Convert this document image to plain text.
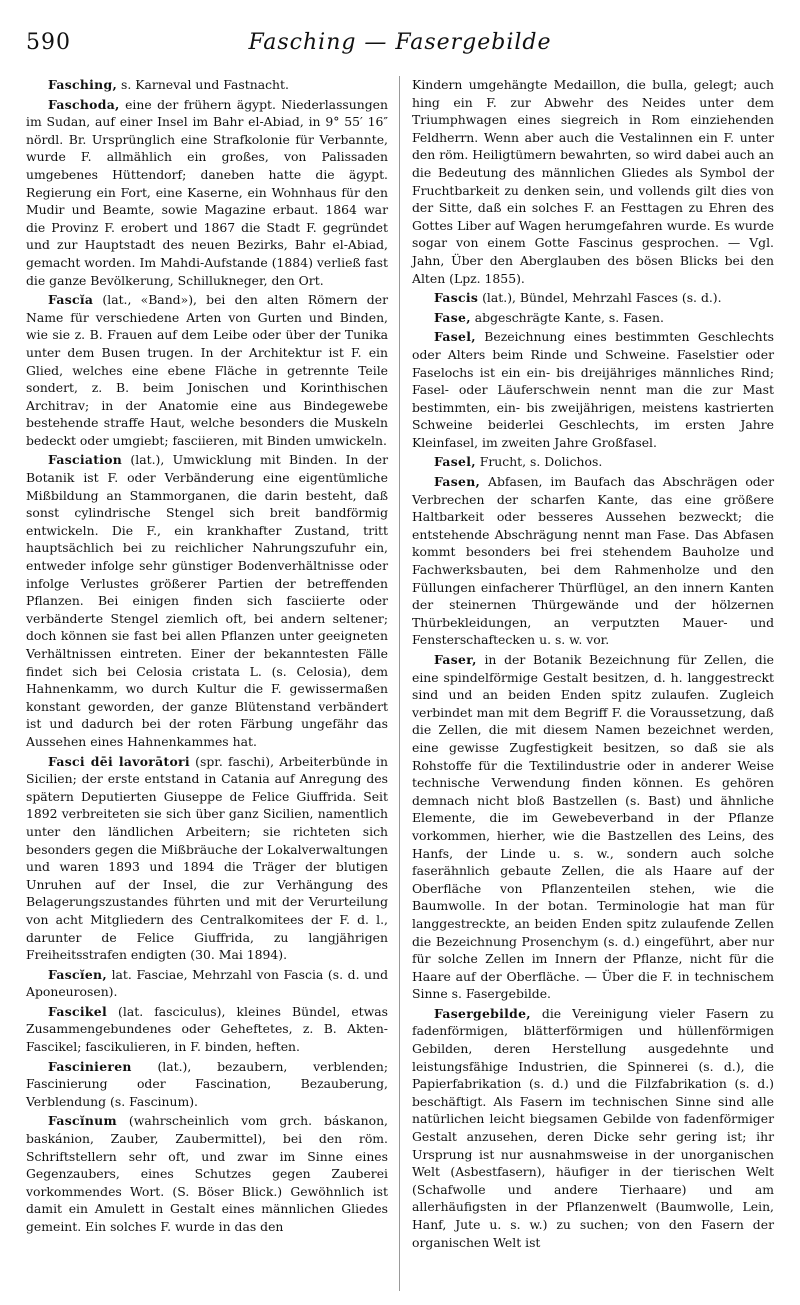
590	Fasching — Fasergebilde

Fasching, s. Karneval und Fastnacht.

Faschoda, eine der frühern ägypt. Niederlassungen im Sudan, auf einer Insel im Bahr el-Abiad, in 9° 55′ 16″ nördl. Br. Ursprünglich eine Strafkolonie für Verbannte, wurde F. allmählich ein großes, von Palissaden umgebenes Hüttendorf; daneben hatte die ägypt. Regierung ein Fort, eine Kaserne, ein Wohnhaus für den Mudir und Beamte, sowie Magazine erbaut. 1864 war die Provinz F. erobert und 1867 die Stadt F. gegründet und zur Hauptstadt des neuen Bezirks, Bahr el-Abiad, gemacht worden. Im Mahdi-Aufstande (1884) verließ fast die ganze Bevölkerung, Schillukneger, den Ort.

Fascĭa (lat., «Band»), bei den alten Römern der Name für verschiedene Arten von Gurten und Binden, wie sie z. B. Frauen auf dem Leibe oder über der Tunika unter dem Busen trugen. In der Architektur ist F. ein Glied, welches eine ebene Fläche in getrennte Teile sondert, z. B. beim Jonischen und Korinthischen Architrav; in der Anatomie eine aus Bindegewebe bestehende straffe Haut, welche besonders die Muskeln bedeckt oder umgiebt; fasciieren, mit Binden umwickeln.

Fasciation (lat.), Umwicklung mit Binden. In der Botanik ist F. oder Verbänderung eine eigentümliche Mißbildung an Stammorganen, die darin besteht, daß sonst cylindrische Stengel sich breit bandförmig entwickeln. Die F., ein krankhafter Zustand, tritt hauptsächlich bei zu reichlicher Nahrungszufuhr ein, entweder infolge sehr günstiger Bodenverhältnisse oder infolge Verlustes größerer Partien der betreffenden Pflanzen. Bei einigen finden sich fasciierte oder verbänderte Stengel ziemlich oft, bei andern seltener; doch können sie fast bei allen Pflanzen unter geeigneten Verhältnissen eintreten. Einer der bekanntesten Fälle findet sich bei Celosia cristata L. (s. Celosia), dem Hahnenkamm, wo durch Kultur die F. gewissermaßen konstant geworden, der ganze Blütenstand verbändert ist und dadurch bei der roten Färbung ungefähr das Aussehen eines Hahnenkammes hat.

Fasci dēi lavorātori (spr. faschi), Arbeiterbünde in Sicilien; der erste entstand in Catania auf Anregung des spätern Deputierten Giuseppe de Felice Giuffrida. Seit 1892 verbreiteten sie sich über ganz Sicilien, namentlich unter den ländlichen Arbeitern; sie richteten sich besonders gegen die Mißbräuche der Lokalverwaltungen und waren 1893 und 1894 die Träger der blutigen Unruhen auf der Insel, die zur Verhängung des Belagerungszustandes führten und mit der Verurteilung von acht Mitgliedern des Centralkomitees der F. d. l., darunter de Felice Giuffrida, zu langjährigen Freiheitsstrafen endigten (30. Mai 1894).

Fascĭen, lat. Fasciae, Mehrzahl von Fascia (s. d. und Aponeurosen).

Fascikel (lat. fasciculus), kleines Bündel, etwas Zusammengebundenes oder Geheftetes, z. B. Akten-Fascikel; fascikulieren, in F. binden, heften.

Fascinieren (lat.), bezaubern, verblenden; Fascinierung oder Fascination, Bezauberung, Verblendung (s. Fascinum).

Fascĭnum (wahrscheinlich vom grch. báskanon, baskánion, Zauber, Zaubermittel), bei den röm. Schriftstellern sehr oft, und zwar im Sinne eines Gegenzaubers, eines Schutzes gegen Zauberei vorkommendes Wort. (S. Böser Blick.) Gewöhnlich ist damit ein Amulett in Gestalt eines männlichen Gliedes gemeint. Ein solches F. wurde in das den

Kindern umgehängte Medaillon, die bulla, gelegt; auch hing ein F. zur Abwehr des Neides unter dem Triumphwagen eines siegreich in Rom einziehenden Feldherrn. Wenn aber auch die Vestalinnen ein F. unter den röm. Heiligtümern bewahrten, so wird dabei auch an die Bedeutung des männlichen Gliedes als Symbol der Fruchtbarkeit zu denken sein, und vollends gilt dies von der Sitte, daß ein solches F. an Festtagen zu Ehren des Gottes Liber auf Wagen herumgefahren wurde. Es wurde sogar von einem Gotte Fascinus gesprochen. — Vgl. Jahn, Über den Aberglauben des bösen Blicks bei den Alten (Lpz. 1855).

Fascis (lat.), Bündel, Mehrzahl Fasces (s. d.).

Fase, abgeschrägte Kante, s. Fasen.

Fasel, Bezeichnung eines bestimmten Geschlechts oder Alters beim Rinde und Schweine. Faselstier oder Faselochs ist ein ein- bis dreijähriges männliches Rind; Fasel- oder Läuferschwein nennt man die zur Mast bestimmten, ein- bis zweijährigen, meistens kastrierten Schweine beiderlei Geschlechts, im ersten Jahre Kleinfasel, im zweiten Jahre Großfasel.

Fasel, Frucht, s. Dolichos.

Fasen, Abfasen, im Baufach das Abschrägen oder Verbrechen der scharfen Kante, das eine größere Haltbarkeit oder besseres Aussehen bezweckt; die entstehende Abschrägung nennt man Fase. Das Abfasen kommt besonders bei frei stehendem Bauholze und Fachwerksbauten, bei dem Rahmenholze und den Füllungen einfacherer Thürflügel, an den innern Kanten der steinernen Thürgewände und der hölzernen Thürbekleidungen, an verputzten Mauer- und Fensterschaftecken u. s. w. vor.

Faser, in der Botanik Bezeichnung für Zellen, die eine spindelförmige Gestalt besitzen, d. h. langgestreckt sind und an beiden Enden spitz zulaufen. Zugleich verbindet man mit dem Begriff F. die Voraussetzung, daß die Zellen, die mit diesem Namen bezeichnet werden, eine gewisse Zugfestigkeit besitzen, so daß sie als Rohstoffe für die Textilindustrie oder in anderer Weise technische Verwendung finden können. Es gehören demnach nicht bloß Bastzellen (s. Bast) und ähnliche Elemente, die im Gewebeverband in der Pflanze vorkommen, hierher, wie die Bastzellen des Leins, des Hanfs, der Linde u. s. w., sondern auch solche faserähnlich gebaute Zellen, die als Haare auf der Oberfläche von Pflanzenteilen stehen, wie die Baumwolle. In der botan. Terminologie hat man für langgestreckte, an beiden Enden spitz zulaufende Zellen die Bezeichnung Prosenchym (s. d.) eingeführt, aber nur für solche Zellen im Innern der Pflanze, nicht für die Haare auf der Oberfläche. — Über die F. in technischem Sinne s. Fasergebilde.

Fasergebilde, die Vereinigung vieler Fasern zu fadenförmigen, blätterförmigen und hüllenförmigen Gebilden, deren Herstellung ausgedehnte und leistungsfähige Industrien, die Spinnerei (s. d.), die Papierfabrikation (s. d.) und die Filzfabrikation (s. d.) beschäftigt. Als Fasern im technischen Sinne sind alle natürlichen leicht biegsamen Gebilde von fadenförmiger Gestalt anzusehen, deren Dicke sehr gering ist; ihr Ursprung ist nur ausnahmsweise in der unorganischen Welt (Asbestfasern), häufiger in der tierischen Welt (Schafwolle und andere Tierhaare) und am allerhäufigsten in der Pflanzenwelt (Baumwolle, Lein, Hanf, Jute u. s. w.) zu suchen; von den Fasern der organischen Welt ist
